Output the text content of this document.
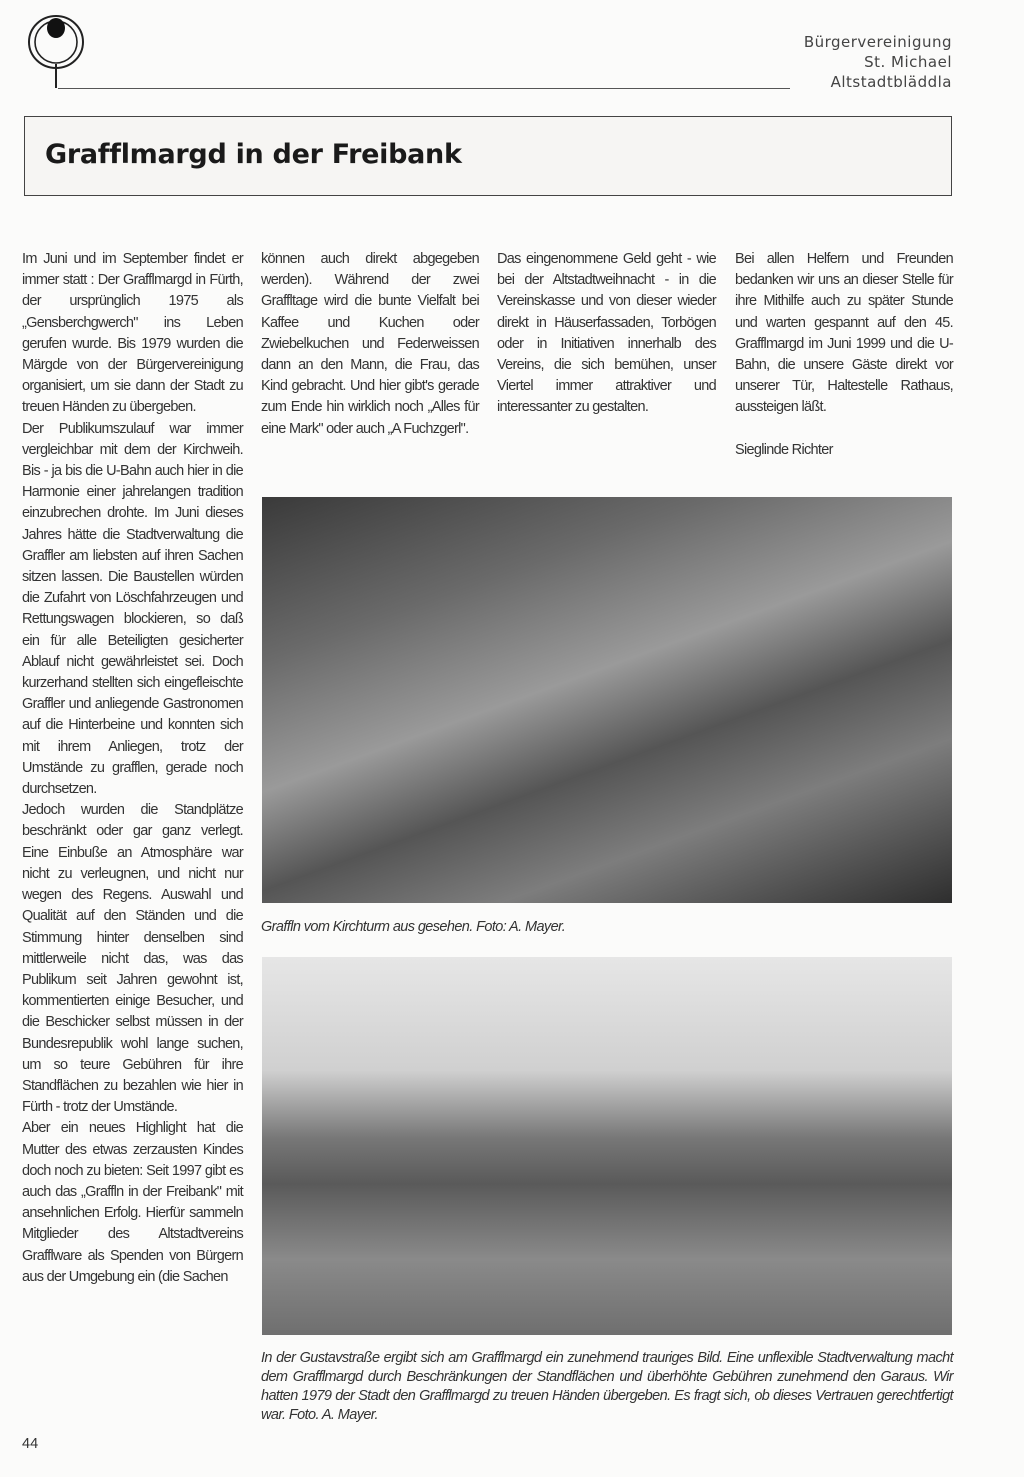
Bürgervereinigung
St. Michael
Altstadtbläddla
Grafflmargd in der Freibank

Im Juni und im September findet er immer statt : Der Grafflmargd in Fürth, der ursprünglich 1975 als „Gensberchgwerch" ins Leben gerufen wurde. Bis 1979 wurden die Märgde von der Bürgervereinigung organisiert, um sie dann der Stadt zu treuen Händen zu übergeben.

Der Publikumszulauf war immer vergleichbar mit dem der Kirchweih. Bis - ja bis die U-Bahn auch hier in die Harmonie einer jahrelangen tradition einzubrechen drohte. Im Juni dieses Jahres hätte die Stadtverwaltung die Graffler am liebsten auf ihren Sachen sitzen lassen. Die Baustellen würden die Zufahrt von Löschfahrzeugen und Rettungswagen blockieren, so daß ein für alle Beteiligten gesicherter Ablauf nicht gewährleistet sei. Doch kurzerhand stellten sich eingefleischte Graffler und anliegende Gastronomen auf die Hinterbeine und konnten sich mit ihrem Anliegen, trotz der Umstände zu grafflen, gerade noch durchsetzen.

Jedoch wurden die Standplätze beschränkt oder gar ganz verlegt. Eine Einbuße an Atmosphäre war nicht zu verleugnen, und nicht nur wegen des Regens. Auswahl und Qualität auf den Ständen und die Stimmung hinter denselben sind mittlerweile nicht das, was das Publikum seit Jahren gewohnt ist, kommentierten einige Besucher, und die Beschicker selbst müssen in der Bundesrepublik wohl lange suchen, um so teure Gebühren für ihre Standflächen zu bezahlen wie hier in Fürth - trotz der Umstände.

Aber ein neues Highlight hat die Mutter des etwas zerzausten Kindes doch noch zu bieten: Seit 1997 gibt es auch das „Graffln in der Freibank" mit ansehnlichen Erfolg. Hierfür sammeln Mitglieder des Altstadtvereins Grafflware als Spenden von Bürgern aus der Umgebung ein (die Sachen

können auch direkt abgegeben werden). Während der zwei Graffltage wird die bunte Vielfalt bei Kaffee und Kuchen oder Zwiebelkuchen und Federweissen dann an den Mann, die Frau, das Kind gebracht. Und hier gibt's gerade zum Ende hin wirklich noch „Alles für eine Mark" oder auch „A Fuchzgerl".

Das eingenommene Geld geht - wie bei der Altstadtweihnacht - in die Vereinskasse und von dieser wieder direkt in Häuserfassaden, Torbögen oder in Initiativen innerhalb des Vereins, die sich bemühen, unser Viertel immer attraktiver und interessanter zu gestalten.

Bei allen Helfern und Freunden bedanken wir uns an dieser Stelle für ihre Mithilfe auch zu später Stunde und warten gespannt auf den 45. Grafflmargd im Juni 1999 und die U-Bahn, die unsere Gäste direkt vor unserer Tür, Haltestelle Rathaus, aussteigen läßt.

Sieglinde Richter

44
Graffln vom Kirchturm aus gesehen. Foto: A. Mayer.
In der Gustavstraße ergibt sich am Grafflmargd ein zunehmend trauriges Bild. Eine unflexible Stadtverwaltung macht dem Grafflmargd durch Beschränkungen der Standflächen und überhöhte Gebühren zunehmend den Garaus. Wir hatten 1979 der Stadt den Grafflmargd zu treuen Händen übergeben. Es fragt sich, ob dieses Vertrauen gerechtfertigt war. Foto. A. Mayer.
